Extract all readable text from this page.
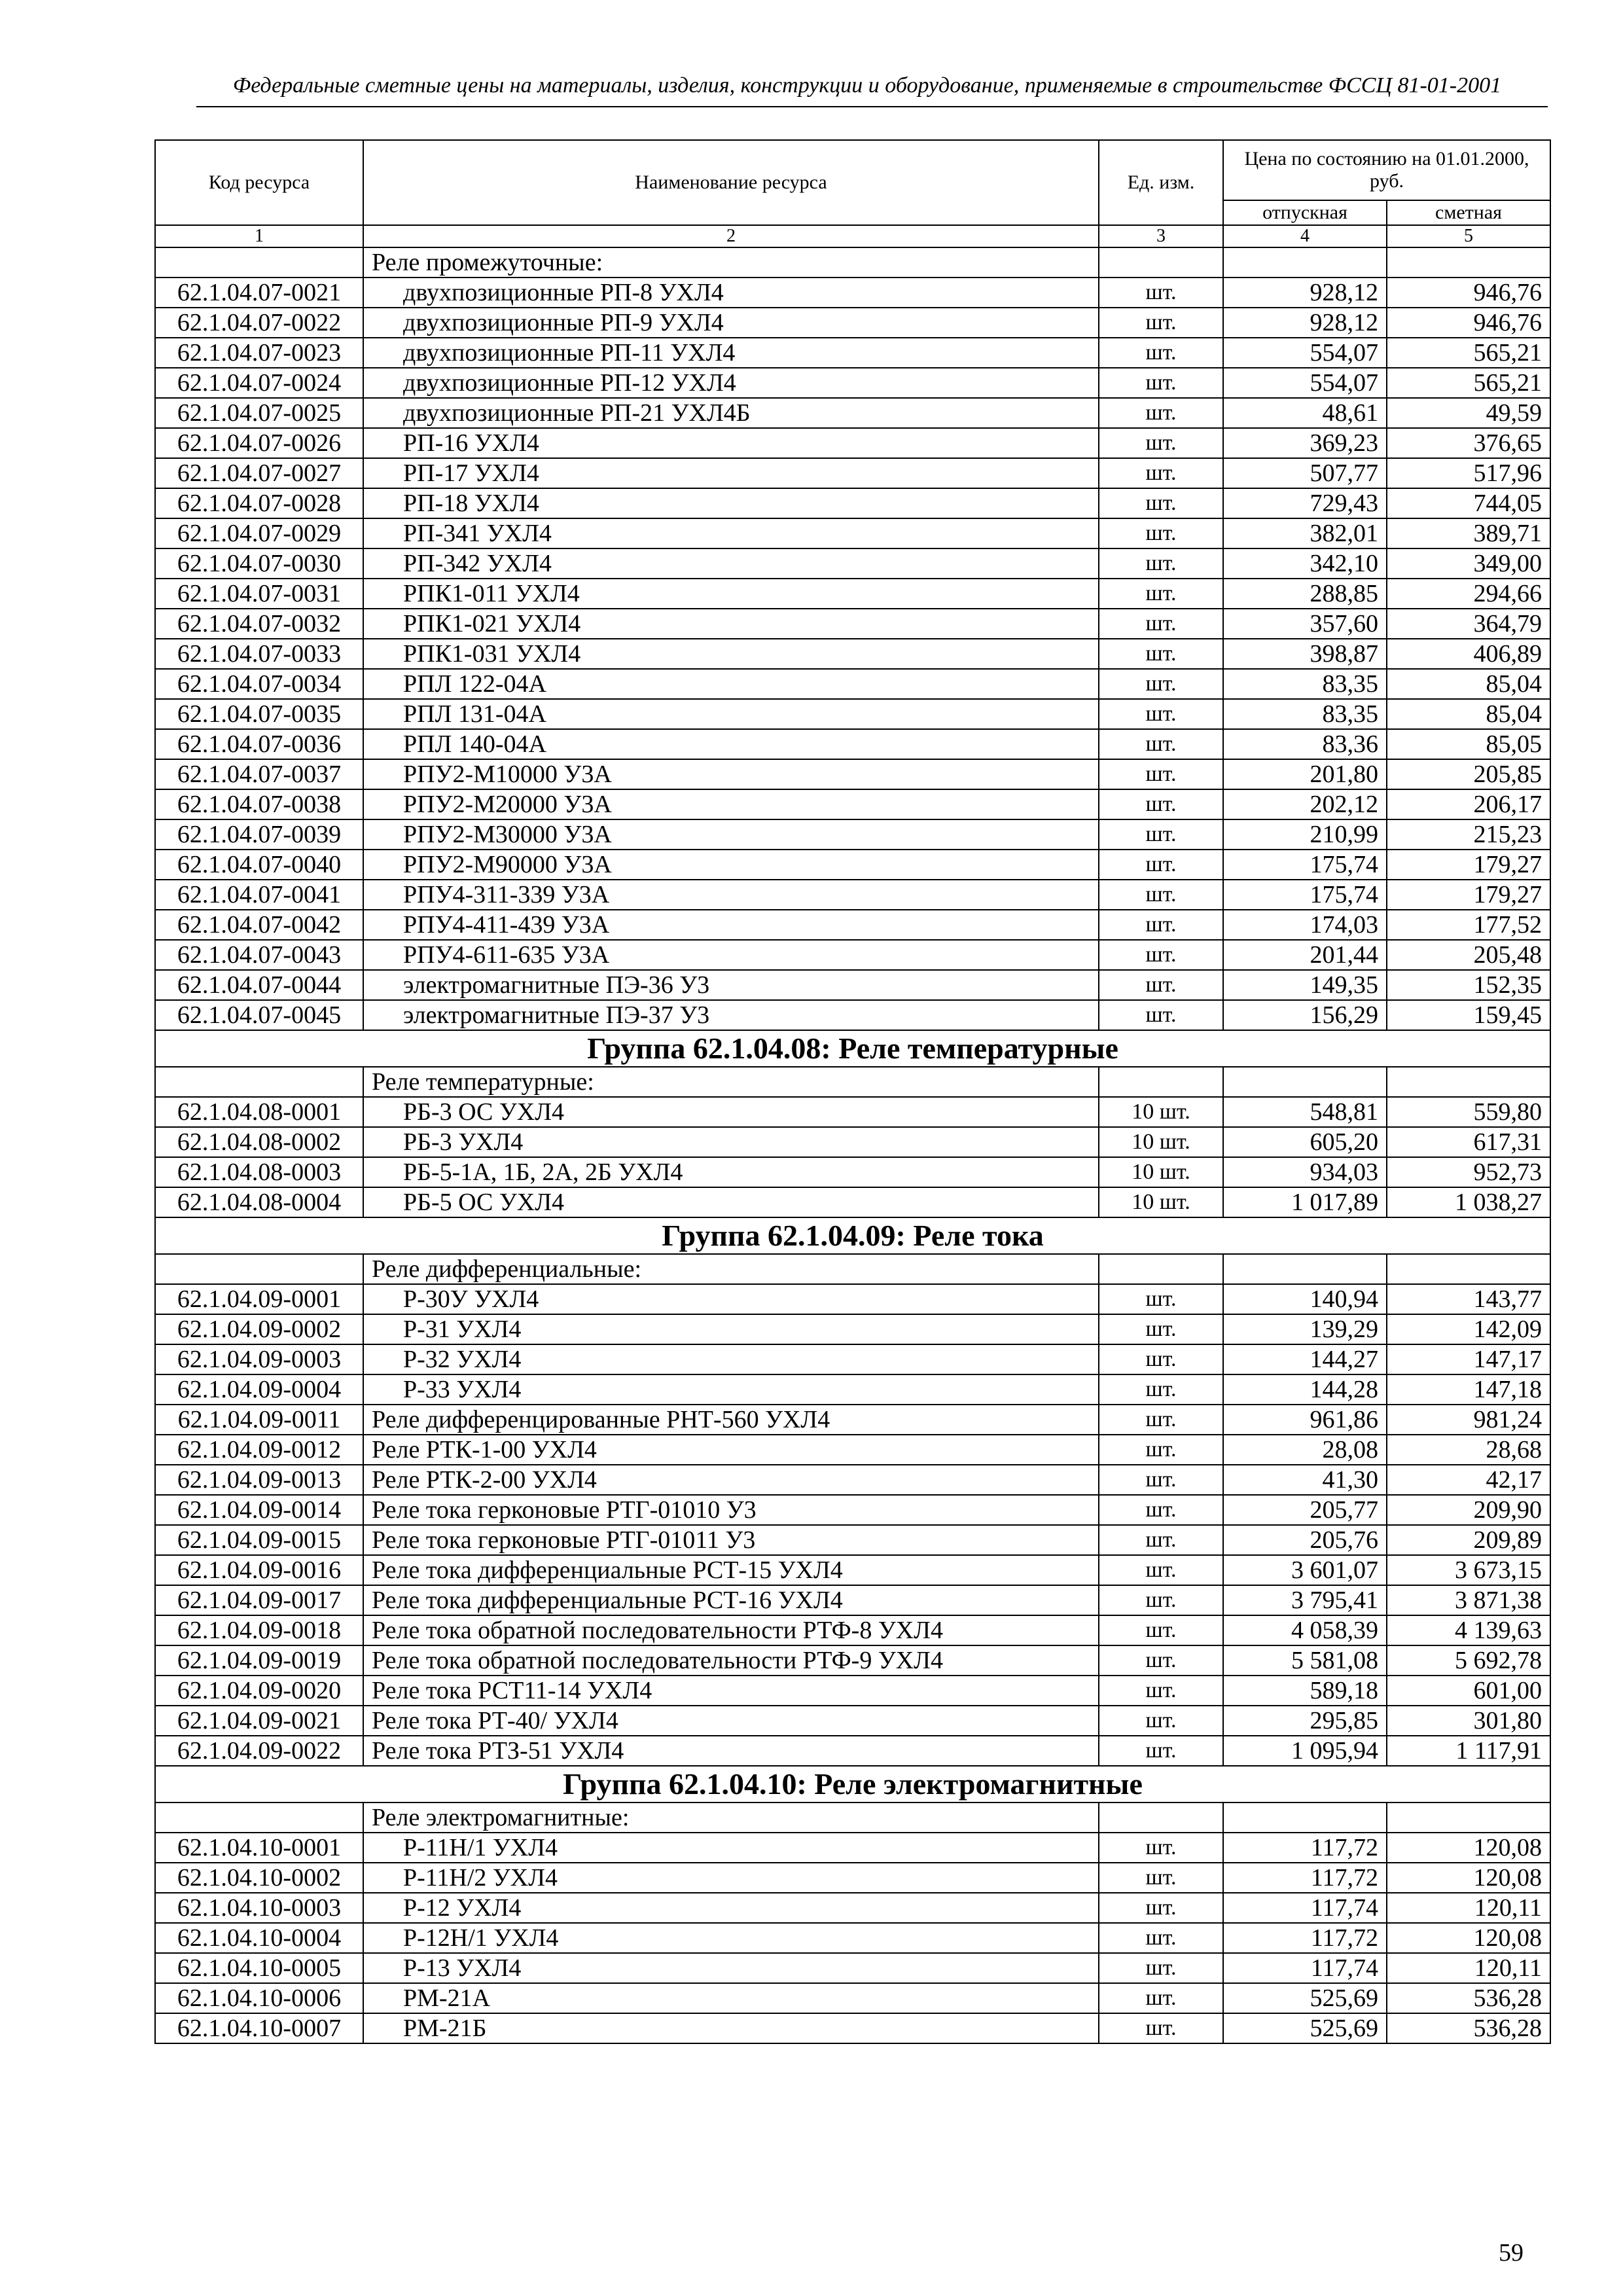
Федеральные сметные цены на материалы, изделия, конструкции и оборудование, применяемые в строительстве ФССЦ 81-01-2001
Код ресурса	Наименование ресурса	Ед. изм.	Цена по состоянию на 01.01.2000, руб.	
			отпускная	сметная
1	2	3	4	5
	Реле промежуточные:			
62.1.04.07-0021	двухпозиционные РП-8 УХЛ4	шт.	928,12	946,76
62.1.04.07-0022	двухпозиционные РП-9 УХЛ4	шт.	928,12	946,76
62.1.04.07-0023	двухпозиционные РП-11 УХЛ4	шт.	554,07	565,21
62.1.04.07-0024	двухпозиционные РП-12 УХЛ4	шт.	554,07	565,21
62.1.04.07-0025	двухпозиционные РП-21 УХЛ4Б	шт.	48,61	49,59
62.1.04.07-0026	РП-16 УХЛ4	шт.	369,23	376,65
62.1.04.07-0027	РП-17 УХЛ4	шт.	507,77	517,96
62.1.04.07-0028	РП-18 УХЛ4	шт.	729,43	744,05
62.1.04.07-0029	РП-341 УХЛ4	шт.	382,01	389,71
62.1.04.07-0030	РП-342 УХЛ4	шт.	342,10	349,00
62.1.04.07-0031	РПК1-011 УХЛ4	шт.	288,85	294,66
62.1.04.07-0032	РПК1-021 УХЛ4	шт.	357,60	364,79
62.1.04.07-0033	РПК1-031 УХЛ4	шт.	398,87	406,89
62.1.04.07-0034	РПЛ 122-04А	шт.	83,35	85,04
62.1.04.07-0035	РПЛ 131-04А	шт.	83,35	85,04
62.1.04.07-0036	РПЛ 140-04А	шт.	83,36	85,05
62.1.04.07-0037	РПУ2-М10000 У3А	шт.	201,80	205,85
62.1.04.07-0038	РПУ2-М20000 У3А	шт.	202,12	206,17
62.1.04.07-0039	РПУ2-М30000 У3А	шт.	210,99	215,23
62.1.04.07-0040	РПУ2-М90000 У3А	шт.	175,74	179,27
62.1.04.07-0041	РПУ4-311-339 У3А	шт.	175,74	179,27
62.1.04.07-0042	РПУ4-411-439 У3А	шт.	174,03	177,52
62.1.04.07-0043	РПУ4-611-635 У3А	шт.	201,44	205,48
62.1.04.07-0044	электромагнитные ПЭ-36 У3	шт.	149,35	152,35
62.1.04.07-0045	электромагнитные ПЭ-37 У3	шт.	156,29	159,45
Группа 62.1.04.08: Реле температурные				
	Реле температурные:			
62.1.04.08-0001	РБ-3 ОС УХЛ4	10 шт.	548,81	559,80
62.1.04.08-0002	РБ-3 УХЛ4	10 шт.	605,20	617,31
62.1.04.08-0003	РБ-5-1А, 1Б, 2А, 2Б УХЛ4	10 шт.	934,03	952,73
62.1.04.08-0004	РБ-5 ОС УХЛ4	10 шт.	1 017,89	1 038,27
Группа 62.1.04.09: Реле тока				
	Реле дифференциальные:			
62.1.04.09-0001	Р-30У УХЛ4	шт.	140,94	143,77
62.1.04.09-0002	Р-31 УХЛ4	шт.	139,29	142,09
62.1.04.09-0003	Р-32 УХЛ4	шт.	144,27	147,17
62.1.04.09-0004	Р-33 УХЛ4	шт.	144,28	147,18
62.1.04.09-0011	Реле дифференцированные РНТ-560 УХЛ4	шт.	961,86	981,24
62.1.04.09-0012	Реле РТК-1-00 УХЛ4	шт.	28,08	28,68
62.1.04.09-0013	Реле РТК-2-00 УХЛ4	шт.	41,30	42,17
62.1.04.09-0014	Реле тока герконовые РТГ-01010 У3	шт.	205,77	209,90
62.1.04.09-0015	Реле тока герконовые РТГ-01011 У3	шт.	205,76	209,89
62.1.04.09-0016	Реле тока дифференциальные РСТ-15 УХЛ4	шт.	3 601,07	3 673,15
62.1.04.09-0017	Реле тока дифференциальные РСТ-16 УХЛ4	шт.	3 795,41	3 871,38
62.1.04.09-0018	Реле тока обратной последовательности РТФ-8 УХЛ4	шт.	4 058,39	4 139,63
62.1.04.09-0019	Реле тока обратной последовательности РТФ-9 УХЛ4	шт.	5 581,08	5 692,78
62.1.04.09-0020	Реле тока РСТ11-14 УХЛ4	шт.	589,18	601,00
62.1.04.09-0021	Реле тока РТ-40/ УХЛ4	шт.	295,85	301,80
62.1.04.09-0022	Реле тока РТЗ-51 УХЛ4	шт.	1 095,94	1 117,91
Группа 62.1.04.10: Реле электромагнитные				
	Реле электромагнитные:			
62.1.04.10-0001	Р-11Н/1 УХЛ4	шт.	117,72	120,08
62.1.04.10-0002	Р-11Н/2 УХЛ4	шт.	117,72	120,08
62.1.04.10-0003	Р-12 УХЛ4	шт.	117,74	120,11
62.1.04.10-0004	Р-12Н/1 УХЛ4	шт.	117,72	120,08
62.1.04.10-0005	Р-13 УХЛ4	шт.	117,74	120,11
62.1.04.10-0006	РМ-21А	шт.	525,69	536,28
62.1.04.10-0007	РМ-21Б	шт.	525,69	536,28
59
